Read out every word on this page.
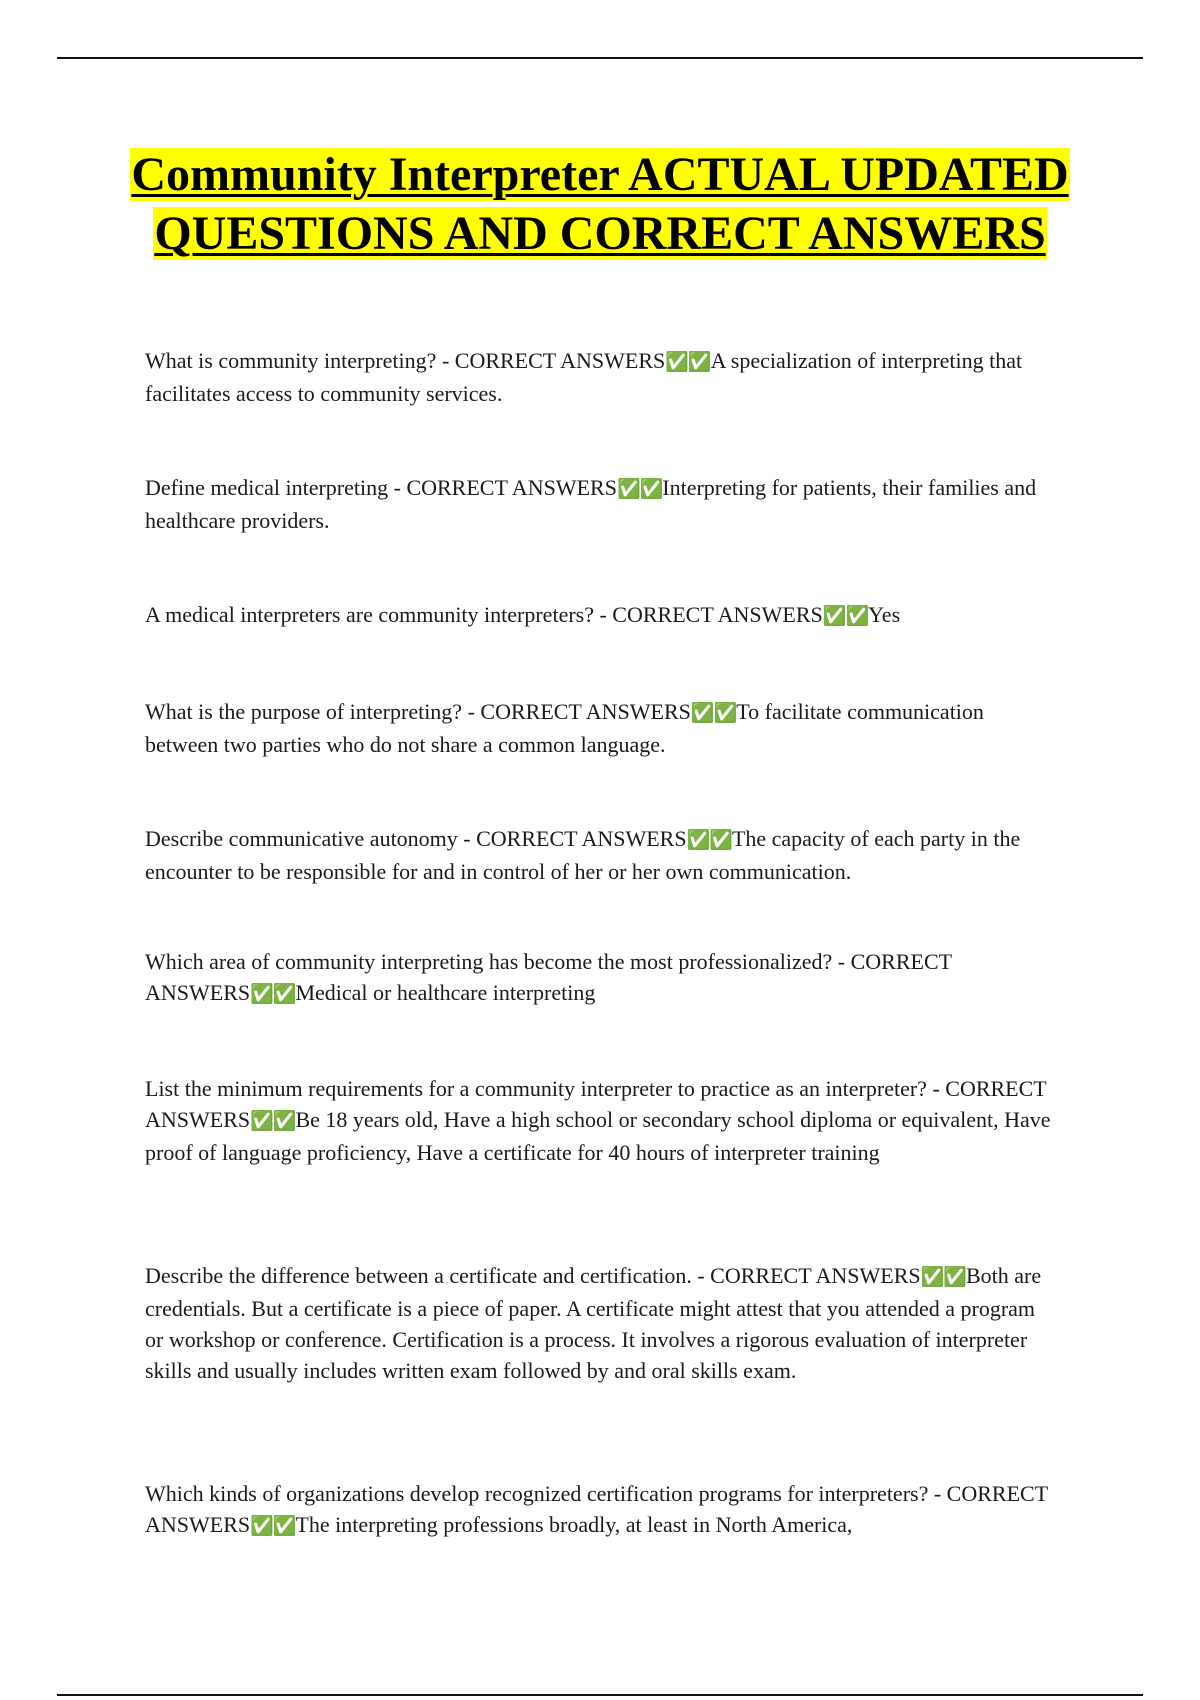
Community Interpreter ACTUAL UPDATED QUESTIONS AND CORRECT ANSWERS

What is community interpreting? - CORRECT ANSWERS✅✅A specialization of interpreting that facilitates access to community services.

Define medical interpreting - CORRECT ANSWERS✅✅Interpreting for patients, their families and healthcare providers.

A medical interpreters are community interpreters? - CORRECT ANSWERS✅✅Yes

What is the purpose of interpreting? - CORRECT ANSWERS✅✅To facilitate communication between two parties who do not share a common language.

Describe communicative autonomy - CORRECT ANSWERS✅✅The capacity of each party in the encounter to be responsible for and in control of her or her own communication.

Which area of community interpreting has become the most professionalized? - CORRECT ANSWERS✅✅Medical or healthcare interpreting

List the minimum requirements for a community interpreter to practice as an interpreter? - CORRECT ANSWERS✅✅Be 18 years old, Have a high school or secondary school diploma or equivalent, Have proof of language proficiency, Have a certificate for 40 hours of interpreter training

Describe the difference between a certificate and certification. - CORRECT ANSWERS✅✅Both are credentials. But a certificate is a piece of paper. A certificate might attest that you attended a program or workshop or conference. Certification is a process. It involves a rigorous evaluation of interpreter skills and usually includes written exam followed by and oral skills exam.

Which kinds of organizations develop recognized certification programs for interpreters? - CORRECT ANSWERS✅✅The interpreting professions broadly, at least in North America,
